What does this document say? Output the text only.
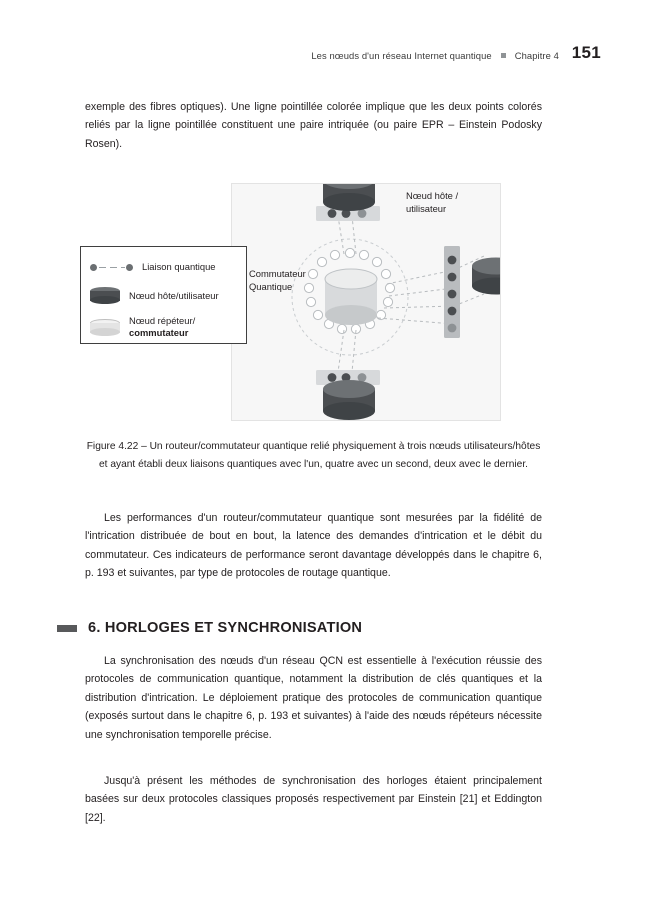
Les nœuds d'un réseau Internet quantique Chapitre 4 151

exemple des fibres optiques). Une ligne pointillée colorée implique que les deux points colorés reliés par la ligne pointillée constituent une paire intriquée (ou paire EPR – Einstein Podosky Rosen).

Nœud hôte /
utilisateur
Commutateur
Quantique
Liaison quantique
Nœud hôte/utilisateur
Nœud répéteur/
commutateur
Figure 4.22 – Un routeur/commutateur quantique relié physiquement à trois nœuds utilisateurs/hôtes et ayant établi deux liaisons quantiques avec l'un, quatre avec un second, deux avec le dernier.

Les performances d'un routeur/commutateur quantique sont mesurées par la fidélité de l'intrication distribuée de bout en bout, la latence des demandes d'intrication et le débit du commutateur. Ces indicateurs de performance seront davantage développés dans le chapitre 6, p. 193 et suivantes, par type de protocoles de routage quantique.

6. HORLOGES ET SYNCHRONISATION

La synchronisation des nœuds d'un réseau QCN est essentielle à l'exécution réussie des protocoles de communication quantique, notamment la distribution de clés quantiques et la distribution d'intrication. Le déploiement pratique des protocoles de communication quantique (exposés surtout dans le chapitre 6, p. 193 et suivantes) à l'aide des nœuds répéteurs nécessite une synchronisation temporelle précise.

Jusqu'à présent les méthodes de synchronisation des horloges étaient principalement basées sur deux protocoles classiques proposés respectivement par Einstein [21] et Eddington [22].
